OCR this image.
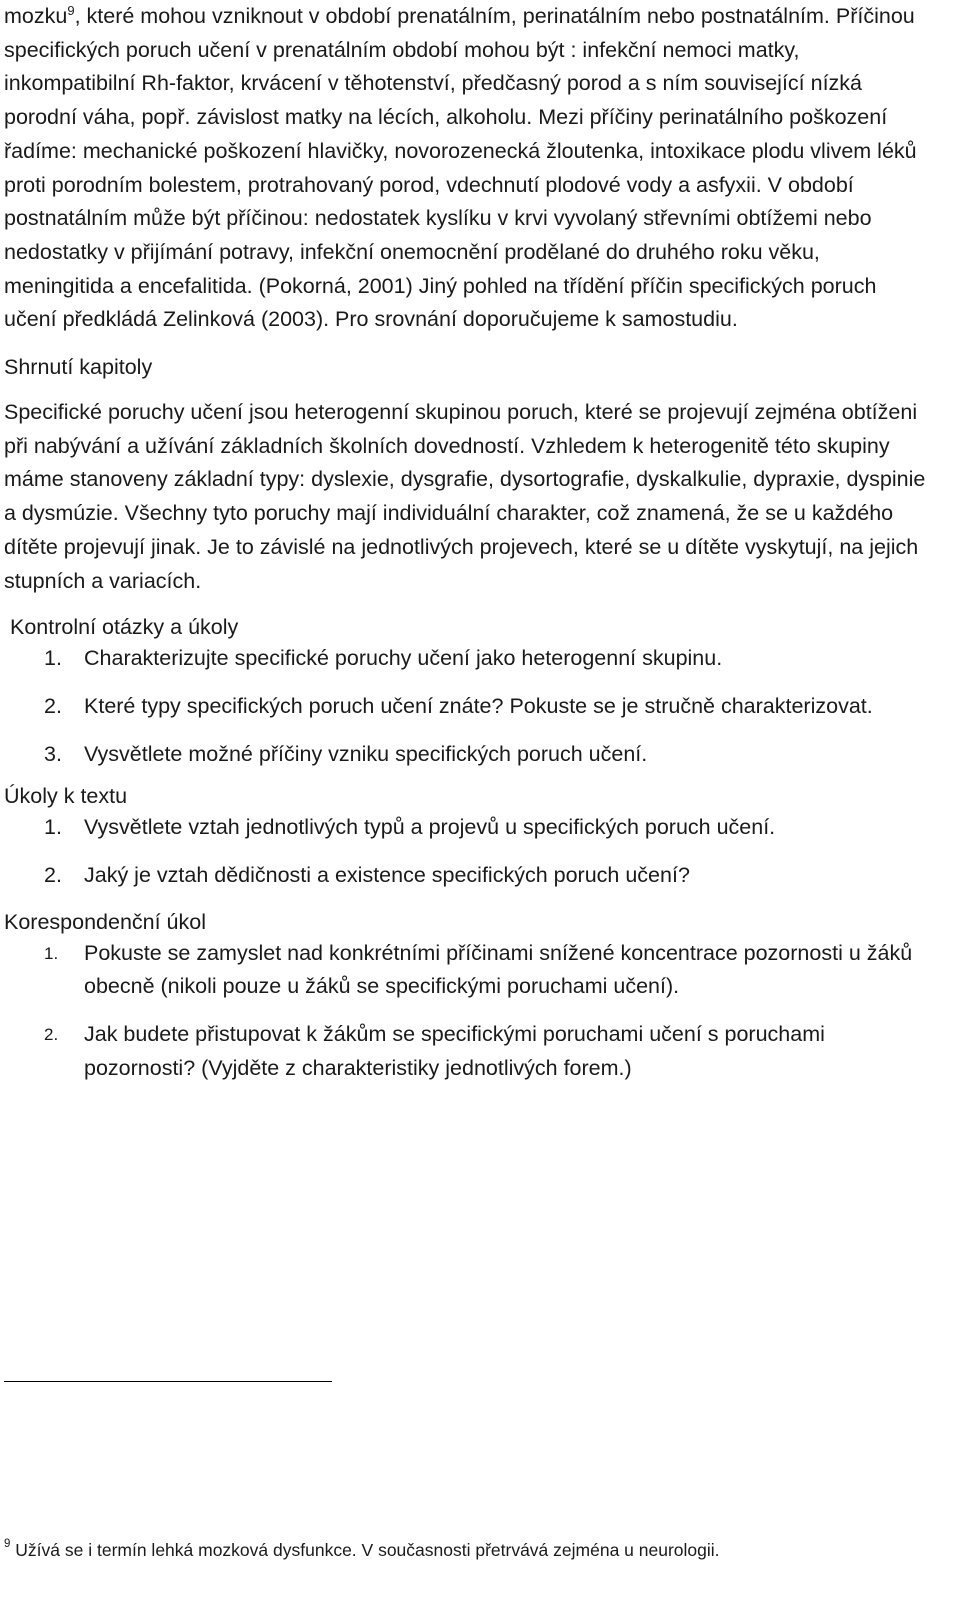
mozku$^9$, které mohou vzniknout v období prenatálním, perinatálním nebo postnatálním. Příčinou specifických poruch učení v prenatálním období mohou být : infekční nemoci matky, inkompatibilní Rh-faktor, krvácení v těhotenství, předčasný porod a s ním související nízká porodní váha, popř. závislost matky na lécích, alkoholu. Mezi příčiny perinatálního poškození řadíme: mechanické poškození hlavičky, novorozenecká žloutenka, intoxikace plodu vlivem léků proti porodním bolestem, protrahovaný porod, vdechnutí plodové vody a asfyxii. V období postnatálním může být příčinou: nedostatek kyslíku v krvi vyvolaný střevními obtížemi nebo nedostatky v přijímání potravy, infekční onemocnění prodělané do druhého roku věku, meningitida a encefalitida. (Pokorná, 2001) Jiný pohled na třídění příčin specifických poruch učení předkládá Zelinková (2003). Pro srovnání doporučujeme k samostudiu.

Shrnutí kapitoly

Specifické poruchy učení jsou heterogenní skupinou poruch, které se projevují zejména obtíženi při nabývání a užívání základních školních dovedností. Vzhledem k heterogenitě této skupiny máme stanoveny základní typy: dyslexie, dysgrafie, dysortografie, dyskalkulie, dypraxie, dyspinie a dysmúzie. Všechny tyto poruchy mají individuální charakter, což znamená, že se u každého dítěte projevují jinak. Je to závislé na jednotlivých projevech, které se u dítěte vyskytují, na jejich stupních a variacích.

Kontrolní otázky a úkoly
1. Charakterizujte specifické poruchy učení jako heterogenní skupinu.
2. Které typy specifických poruch učení znáte? Pokuste se je stručně charakterizovat.
3. Vysvětlete možné příčiny vzniku specifických poruch učení.
Úkoly k textu
1. Vysvětlete vztah jednotlivých typů a projevů u specifických poruch učení.
2. Jaký je vztah dědičnosti a existence specifických poruch učení?
Korespondenční úkol
1. Pokuste se zamyslet nad konkrétními příčinami snížené koncentrace pozornosti u žáků obecně (nikoli pouze u žáků se specifickými poruchami učení).
2. Jak budete přistupovat k žákům se specifickými poruchami učení s poruchami pozornosti? (Vyjděte z charakteristiky jednotlivých forem.)
$^9$ Užívá se i termín lehká mozková dysfunkce. V současnosti přetrvává zejména u neurologii.
